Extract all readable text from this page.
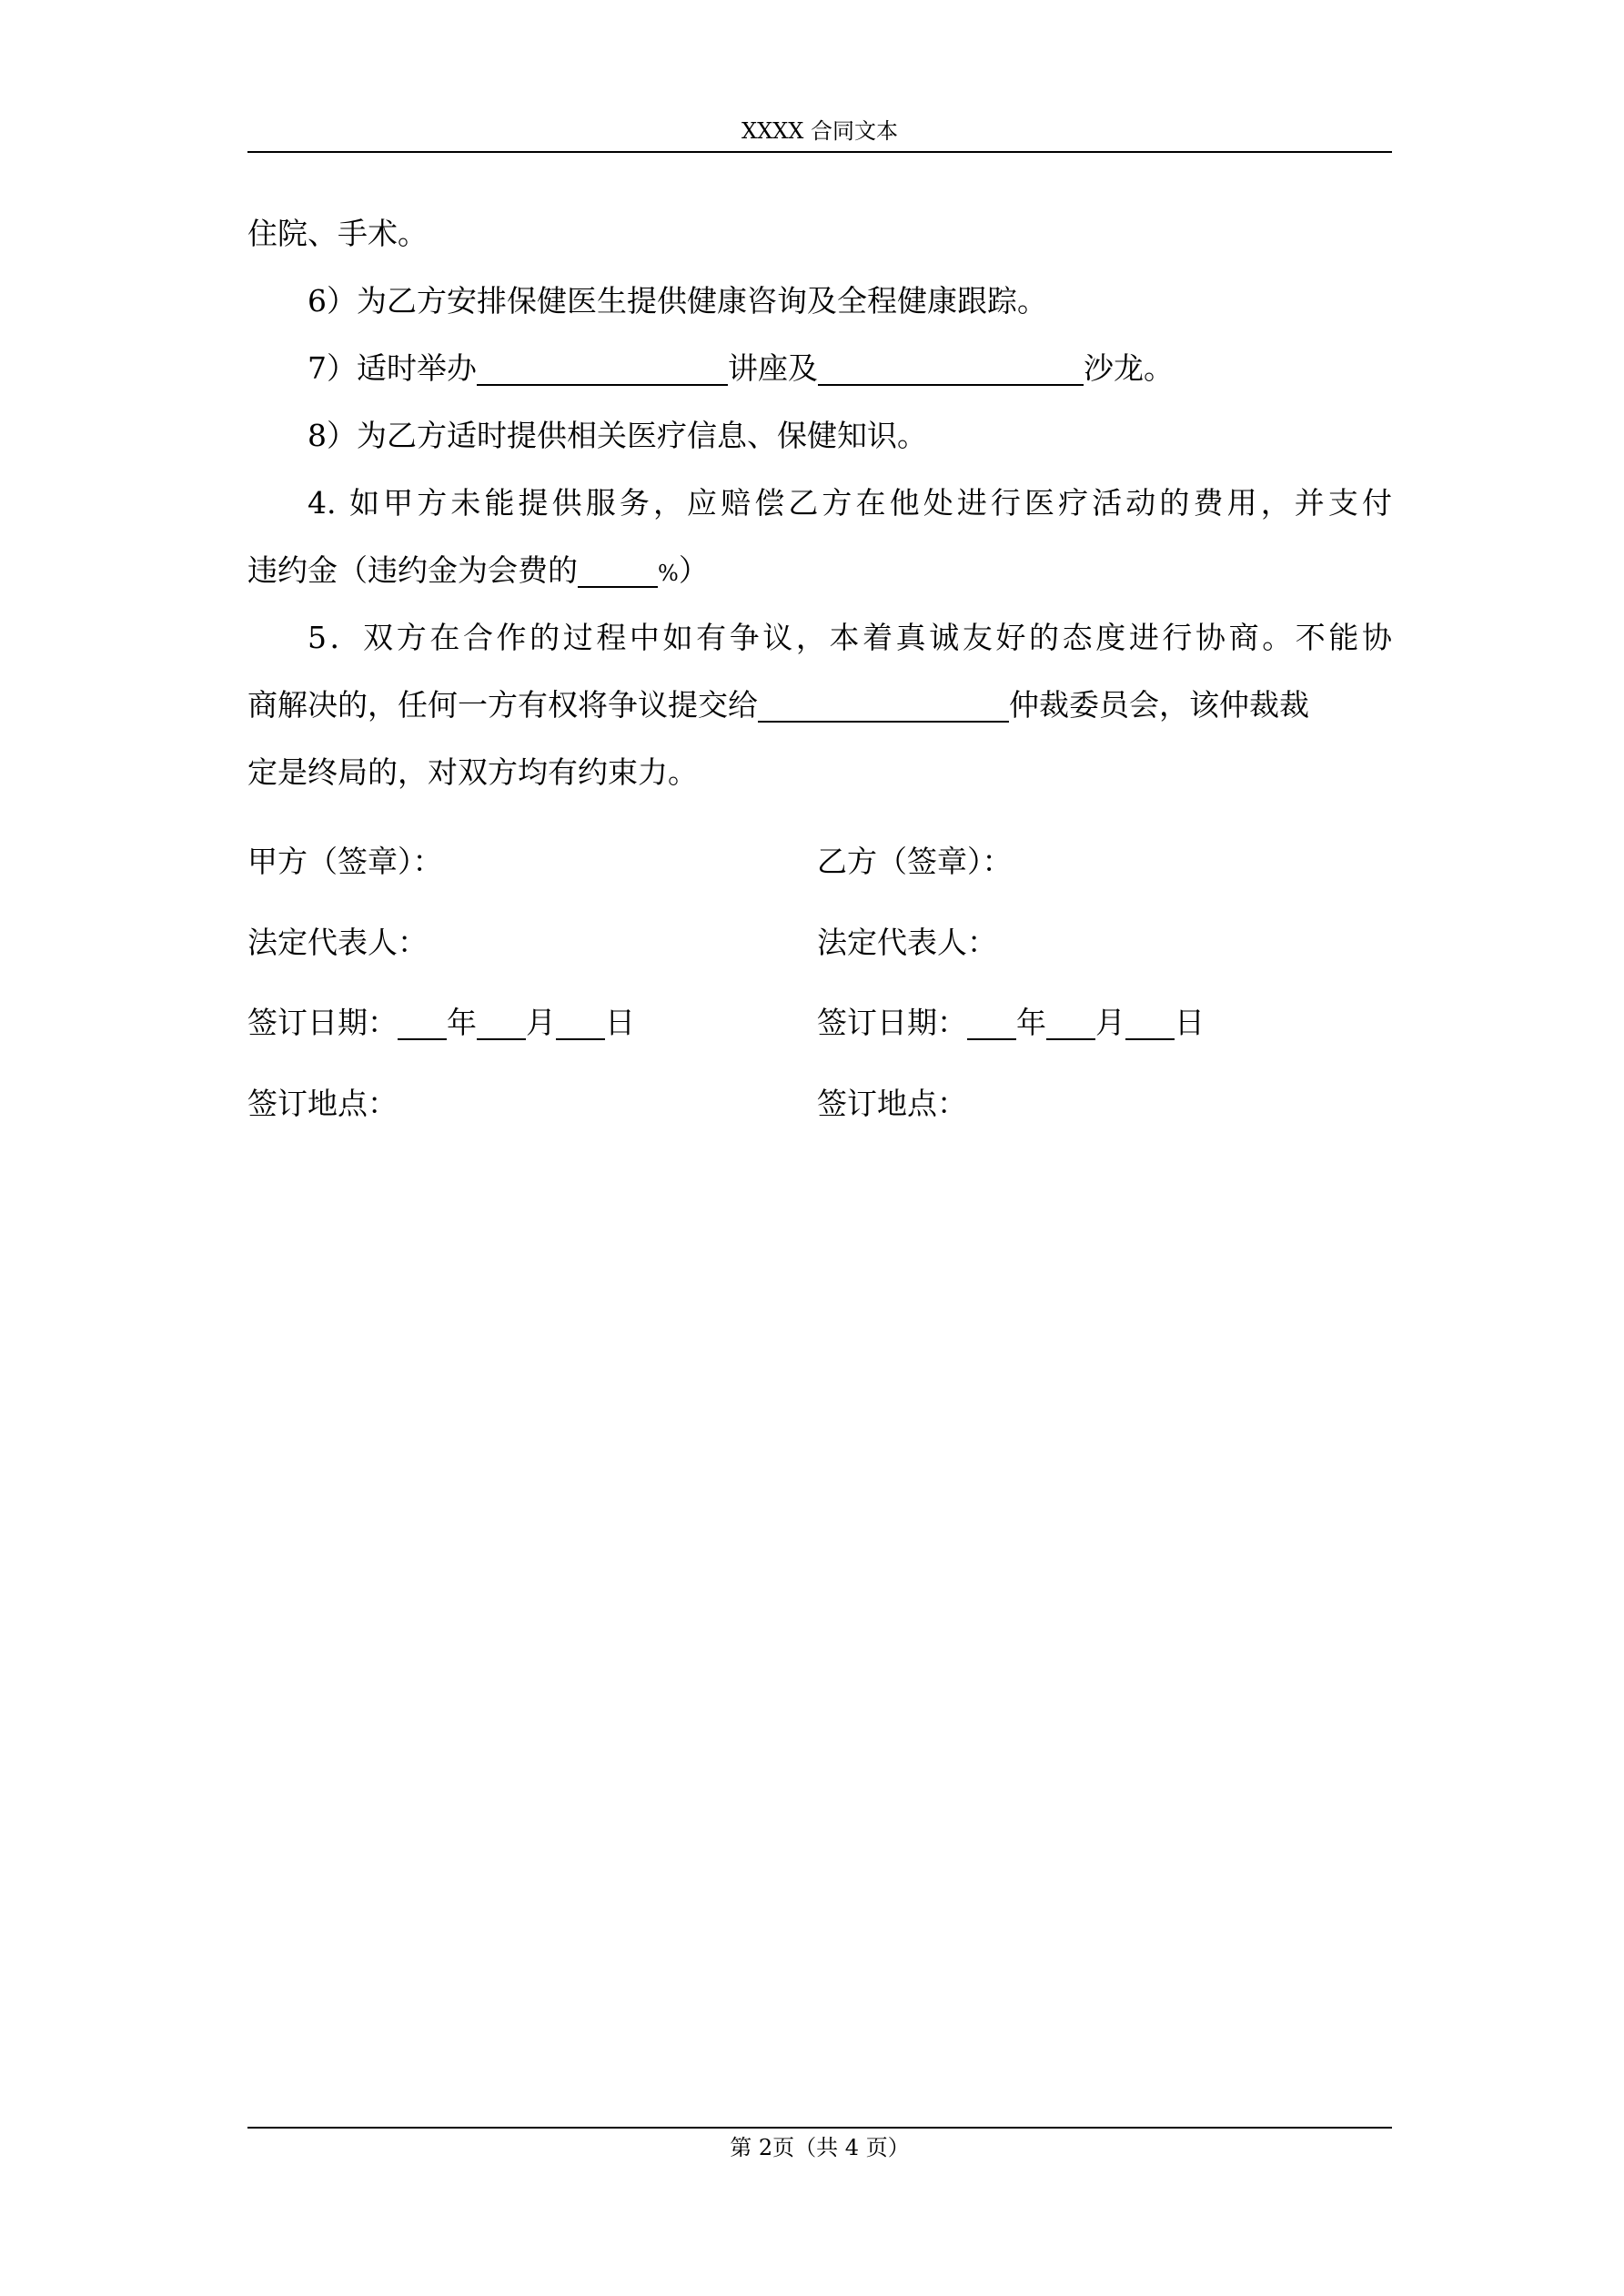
XXXX 合同文本
住院、手术。
6）为乙方安排保健医生提供健康咨询及全程健康跟踪。
7）适时举办	讲座及	沙龙。
8）为乙方适时提供相关医疗信息、保健知识。
4. 如甲方未能提供服务，应赔偿乙方在他处进行医疗活动的费用，并支付
违约金（违约金为会费的	%）
5．双方在合作的过程中如有争议，本着真诚友好的态度进行协商。不能协
商解决的，任何一方有权将争议提交给	仲裁委员会，该仲裁裁
定是终局的，对双方均有约束力。
甲方（签章）：	乙方（签章）：
法定代表人：	法定代表人：
签订日期： 年 月 日	签订日期： 年 月 日
签订地点：	签订地点：
第 2页（共 4 页）
